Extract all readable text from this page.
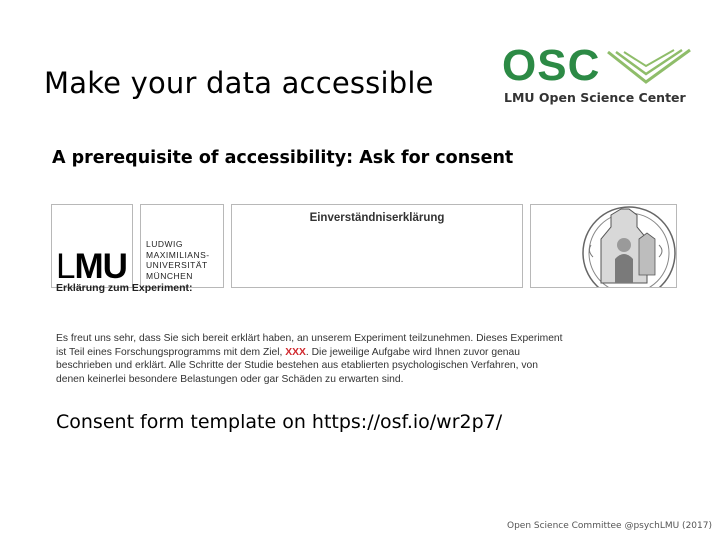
Make your data accessible OSC
LMU Open Science Center
A prerequisite of accessibility: Ask for consent
LMU
LUDWIG
MAXIMILIANS-
UNIVERSITÄT
MÜNCHEN
Einverständniserklärung
Erklärung zum Experiment:
Es freut uns sehr, dass Sie sich bereit erklärt haben, an unserem Experiment teilzunehmen. Dieses Experiment
ist Teil eines Forschungsprogramms mit dem Ziel, XXX. Die jeweilige Aufgabe wird Ihnen zuvor genau
beschrieben und erklärt. Alle Schritte der Studie bestehen aus etablierten psychologischen Verfahren, von
denen keinerlei besondere Belastungen oder gar Schäden zu erwarten sind.
Consent form template on https://osf.io/wr2p7/
Open Science Committee @psychLMU (2017)
